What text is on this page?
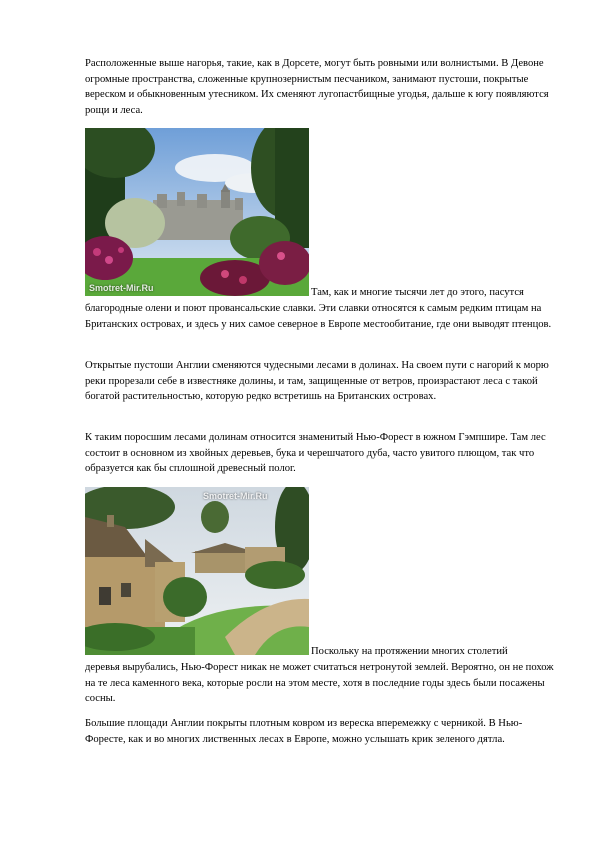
Расположенные выше нагорья, такие, как в Дорсете, могут быть ровными или волнистыми. В Девоне огромные пространства, сложенные крупнозернистым песчаником, занимают пустоши, покрытые вереском и обыкновенным утесником. Их сменяют лугопастбищные угодья, дальше к югу появляются рощи и леса.

Smotret-Mir.Ru	Там, как и многие тысячи лет до этого, пасутся

благородные олени и поют провансальские славки. Эти славки относятся к самым редким птицам на Британских островах, и здесь у них самое северное в Европе местообитание, где они выводят птенцов.

Открытые пустоши Англии сменяются чудесными лесами в долинах. На своем пути с нагорий к морю реки прорезали себе в известняке долины, и там, защищенные от ветров, произрастают леса с такой богатой растительностью, которую редко встретишь на Британских островах.

К таким поросшим лесами долинам относится знаменитый Нью-Форест в южном Гэмпшире. Там лес состоит в основном из хвойных деревьев, бука и черешчатого дуба, часто увитого плющом, так что образуется как бы сплошной древесный полог.

Smotret-Mir.Ru

Поскольку на протяжении многих столетий

деревья вырубались, Нью-Форест никак не может считаться нетронутой землей. Вероятно, он не похож на те леса каменного века, которые росли на этом месте, хотя в последние годы здесь были посажены сосны.

Большие площади Англии покрыты плотным ковром из вереска вперемежку с черникой. В Нью-Форесте, как и во многих лиственных лесах в Европе, можно услышать крик зеленого дятла.
